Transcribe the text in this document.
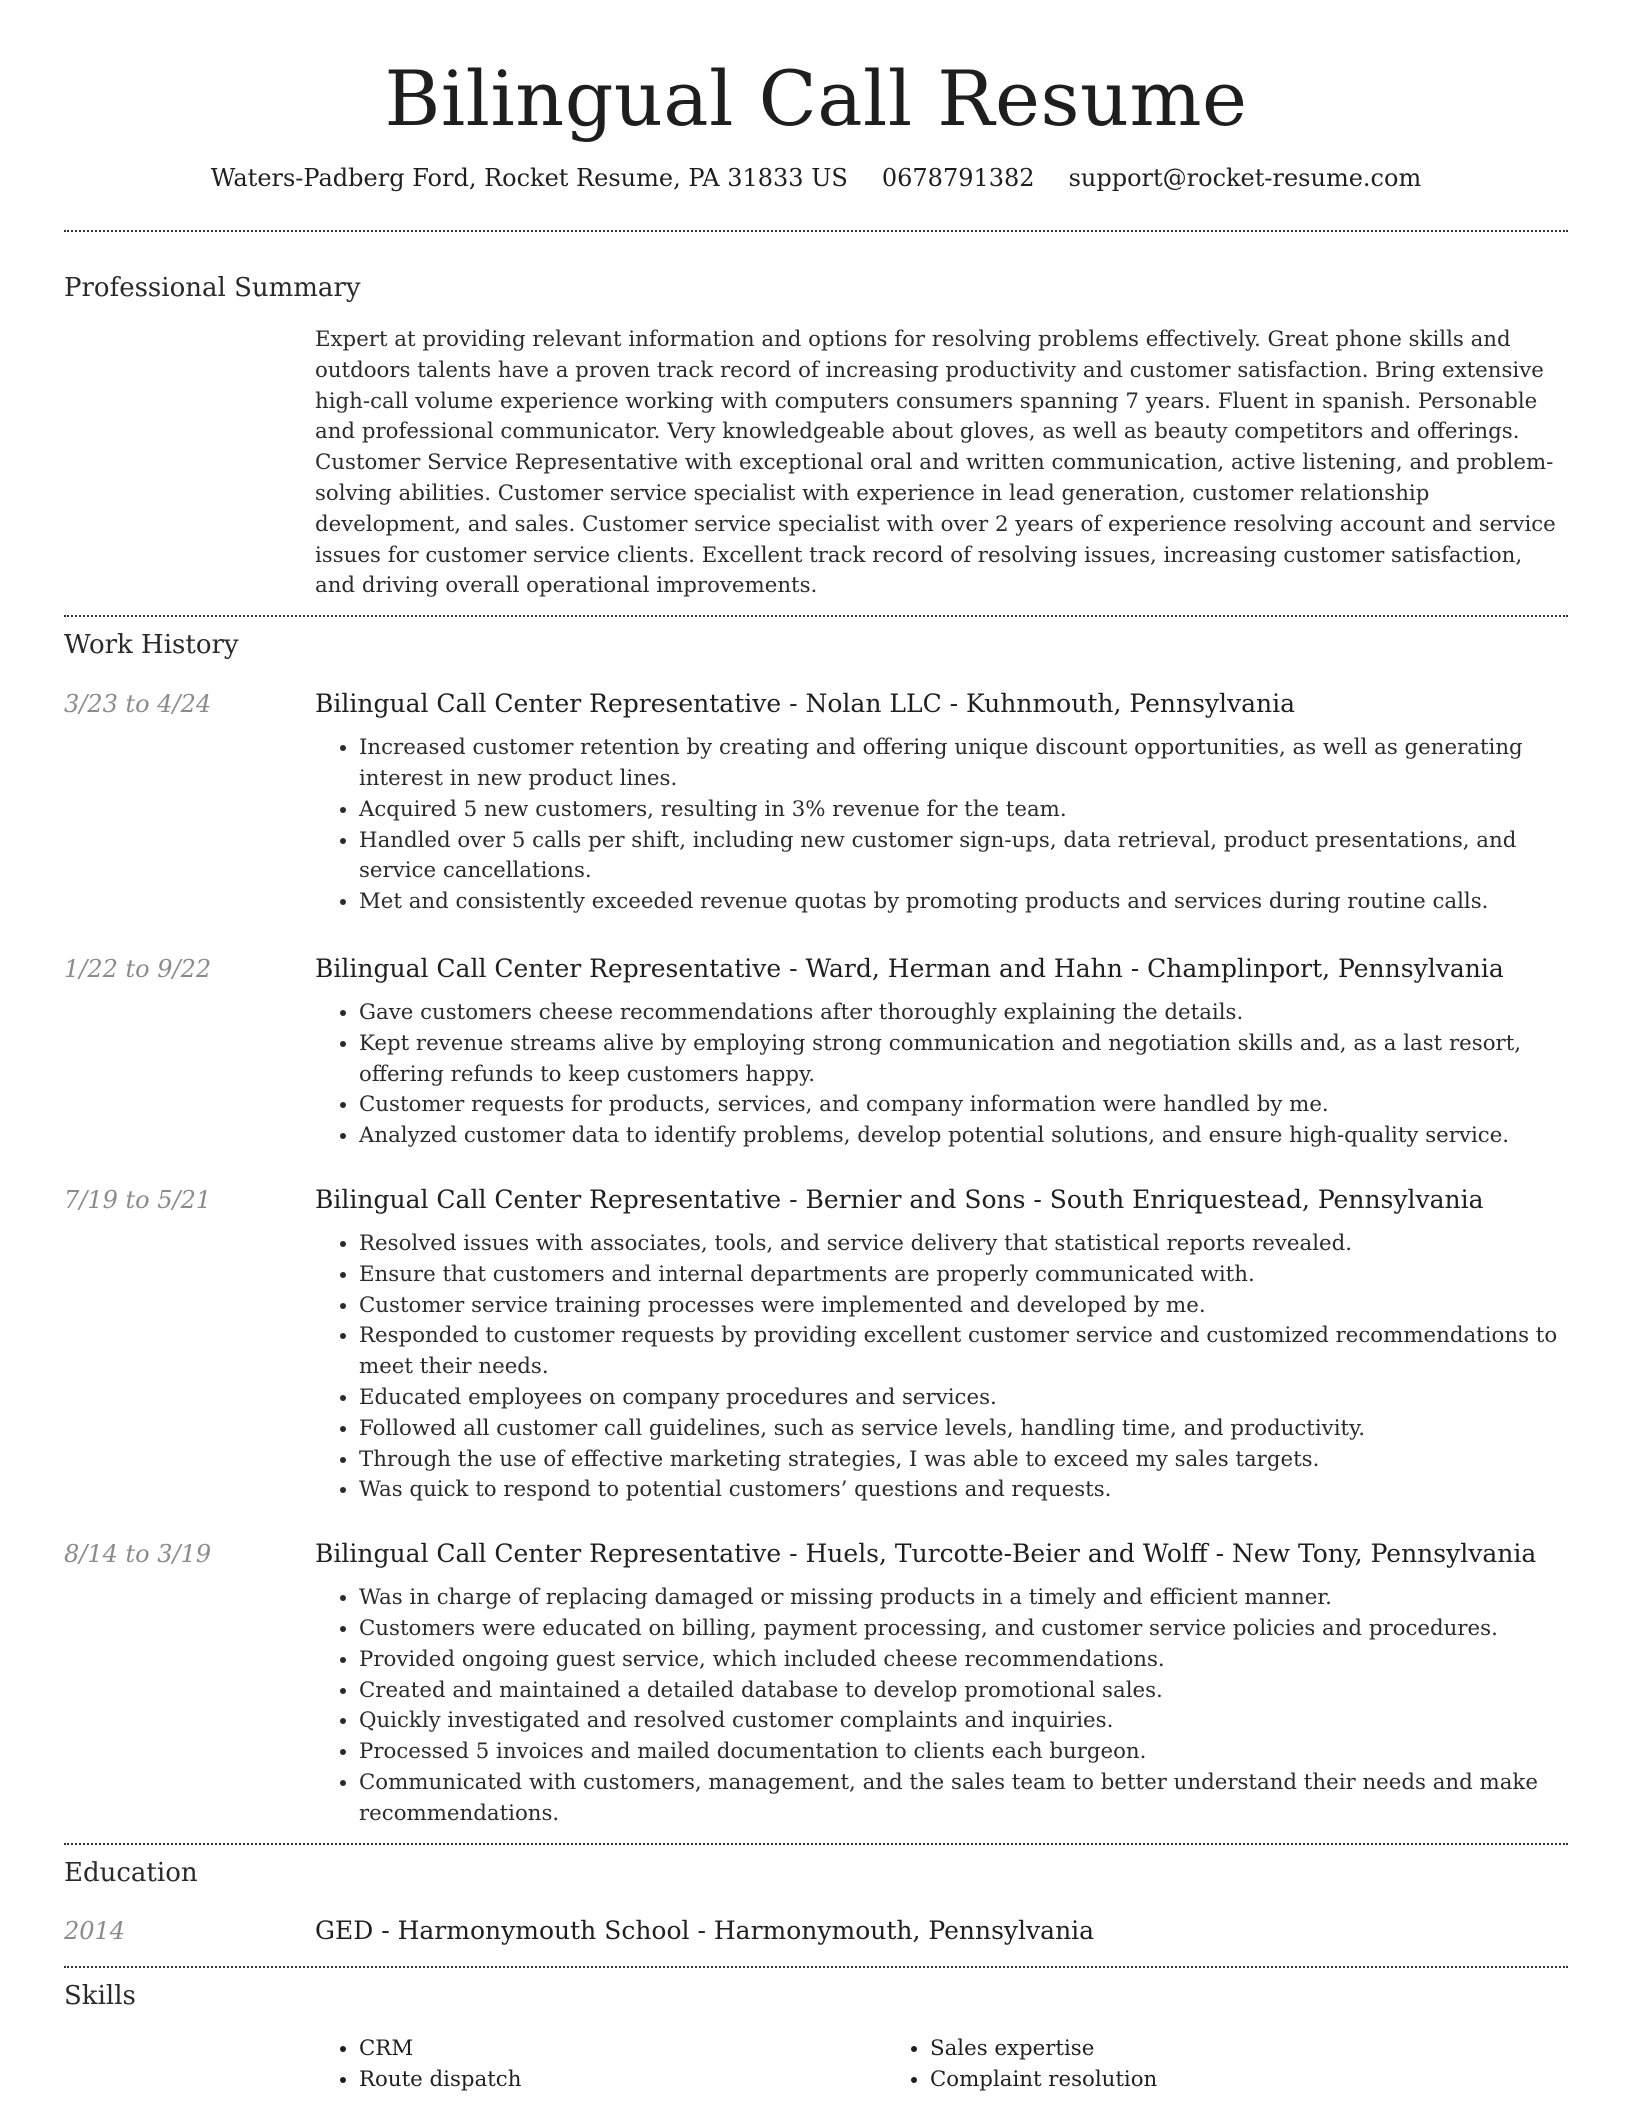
Bilingual Call Resume
Waters-Padberg Ford, Rocket Resume, PA 31833 US 0678791382 support@rocket-resume.com
Professional Summary
Expert at providing relevant information and options for resolving problems effectively. Great phone skills and outdoors talents have a proven track record of increasing productivity and customer satisfaction. Bring extensive high-call volume experience working with computers consumers spanning 7 years. Fluent in spanish. Personable and professional communicator. Very knowledgeable about gloves, as well as beauty competitors and offerings. Customer Service Representative with exceptional oral and written communication, active listening, and problem-solving abilities. Customer service specialist with experience in lead generation, customer relationship development, and sales. Customer service specialist with over 2 years of experience resolving account and service issues for customer service clients. Excellent track record of resolving issues, increasing customer satisfaction, and driving overall operational improvements.
Work History
3/23 to 4/24	Bilingual Call Center Representative - Nolan LLC - Kuhnmouth, Pennsylvania
• Increased customer retention by creating and offering unique discount opportunities, as well as generating interest in new product lines.
• Acquired 5 new customers, resulting in 3% revenue for the team.
• Handled over 5 calls per shift, including new customer sign-ups, data retrieval, product presentations, and service cancellations.
• Met and consistently exceeded revenue quotas by promoting products and services during routine calls.
1/22 to 9/22	Bilingual Call Center Representative - Ward, Herman and Hahn - Champlinport, Pennsylvania
• Gave customers cheese recommendations after thoroughly explaining the details.
• Kept revenue streams alive by employing strong communication and negotiation skills and, as a last resort, offering refunds to keep customers happy.
• Customer requests for products, services, and company information were handled by me.
• Analyzed customer data to identify problems, develop potential solutions, and ensure high-quality service.
7/19 to 5/21	Bilingual Call Center Representative - Bernier and Sons - South Enriquestead, Pennsylvania
• Resolved issues with associates, tools, and service delivery that statistical reports revealed.
• Ensure that customers and internal departments are properly communicated with.
• Customer service training processes were implemented and developed by me.
• Responded to customer requests by providing excellent customer service and customized recommendations to meet their needs.
• Educated employees on company procedures and services.
• Followed all customer call guidelines, such as service levels, handling time, and productivity.
• Through the use of effective marketing strategies, I was able to exceed my sales targets.
• Was quick to respond to potential customers’ questions and requests.
8/14 to 3/19	Bilingual Call Center Representative - Huels, Turcotte-Beier and Wolff - New Tony, Pennsylvania
• Was in charge of replacing damaged or missing products in a timely and efficient manner.
• Customers were educated on billing, payment processing, and customer service policies and procedures.
• Provided ongoing guest service, which included cheese recommendations.
• Created and maintained a detailed database to develop promotional sales.
• Quickly investigated and resolved customer complaints and inquiries.
• Processed 5 invoices and mailed documentation to clients each burgeon.
• Communicated with customers, management, and the sales team to better understand their needs and make recommendations.
Education
2014	GED - Harmonymouth School - Harmonymouth, Pennsylvania
Skills
• CRM
• Route dispatch
• Sales expertise
• Complaint resolution
